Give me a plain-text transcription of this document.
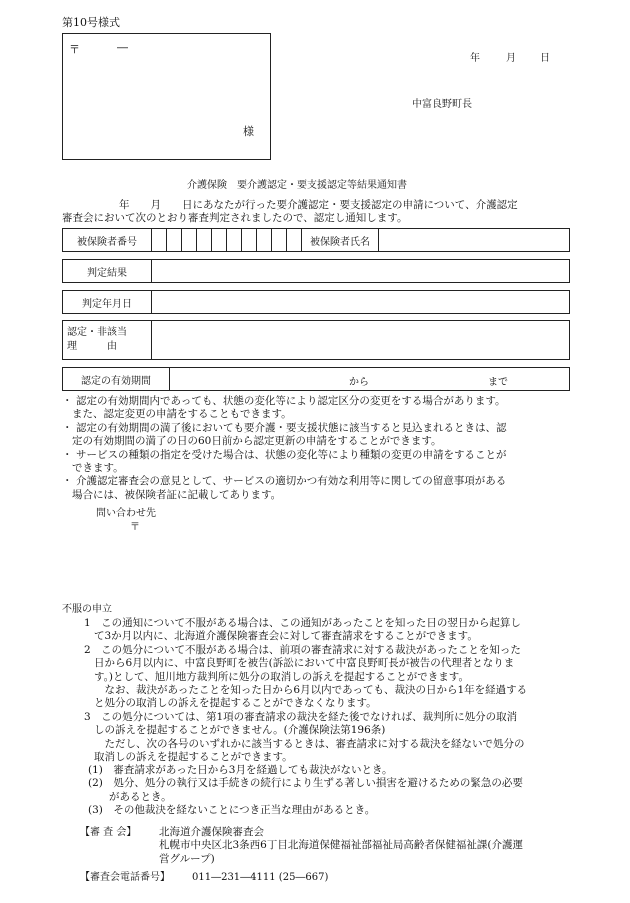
第10号様式
〒	―
様
年	月 日
中富良野町長
介護保険　要介護認定・要支援認定等結果通知書
年　　月　　日にあなたが行った要介護認定・要支援認定の申請について、介護認定
審査会において次のとおり審査判定されましたので、認定し通知します。
被保険者番号											被保険者氏名	
判定結果	
判定年月日	
認定・非該当
理　　　由

認定の有効期間	から	まで
・ 認定の有効期間内であっても、状態の変化等により認定区分の変更をする場合があります。
また、認定変更の申請をすることもできます。
・ 認定の有効期間の満了後においても要介護・要支援状態に該当すると見込まれるときは、認
定の有効期間の満了の日の60日前から認定更新の申請をすることができます。
・ サービスの種類の指定を受けた場合は、状態の変化等により種類の変更の申請をすることが
できます。
・ 介護認定審査会の意見として、サービスの適切かつ有効な利用等に関しての留意事項がある
場合には、被保険者証に記載してあります。
問い合わせ先
〒
不服の申立
1　この通知について不服がある場合は、この通知があったことを知った日の翌日から起算し
て3か月以内に、北海道介護保険審査会に対して審査請求をすることができます。
2　この処分について不服がある場合は、前項の審査請求に対する裁決があったことを知った
日から6月以内に、中富良野町を被告(訴訟において中富良野町長が被告の代理者となりま
す。)として、旭川地方裁判所に処分の取消しの訴えを提起することができます。
　なお、裁決があったことを知った日から6月以内であっても、裁決の日から1年を経過する
と処分の取消しの訴えを提起することができなくなります。
3　この処分については、第1項の審査請求の裁決を経た後でなければ、裁判所に処分の取消
しの訴えを提起することができません。(介護保険法第196条)
　ただし、次の各号のいずれかに該当するときは、審査請求に対する裁決を経ないで処分の
取消しの訴えを提起することができます。
(1)　審査請求があった日から3月を経過しても裁決がないとき。
(2)　処分、処分の執行又は手続きの続行により生ずる著しい損害を避けるための緊急の必要
　　があるとき。
(3)　その他裁決を経ないことにつき正当な理由があるとき。
【審 査 会】 北海道介護保険審査会
札幌市中央区北3条西6丁目北海道保健福祉部福祉局高齢者保健福祉課(介護運
営グループ)
【審査会電話番号】 011―231―4111 (25―667)
